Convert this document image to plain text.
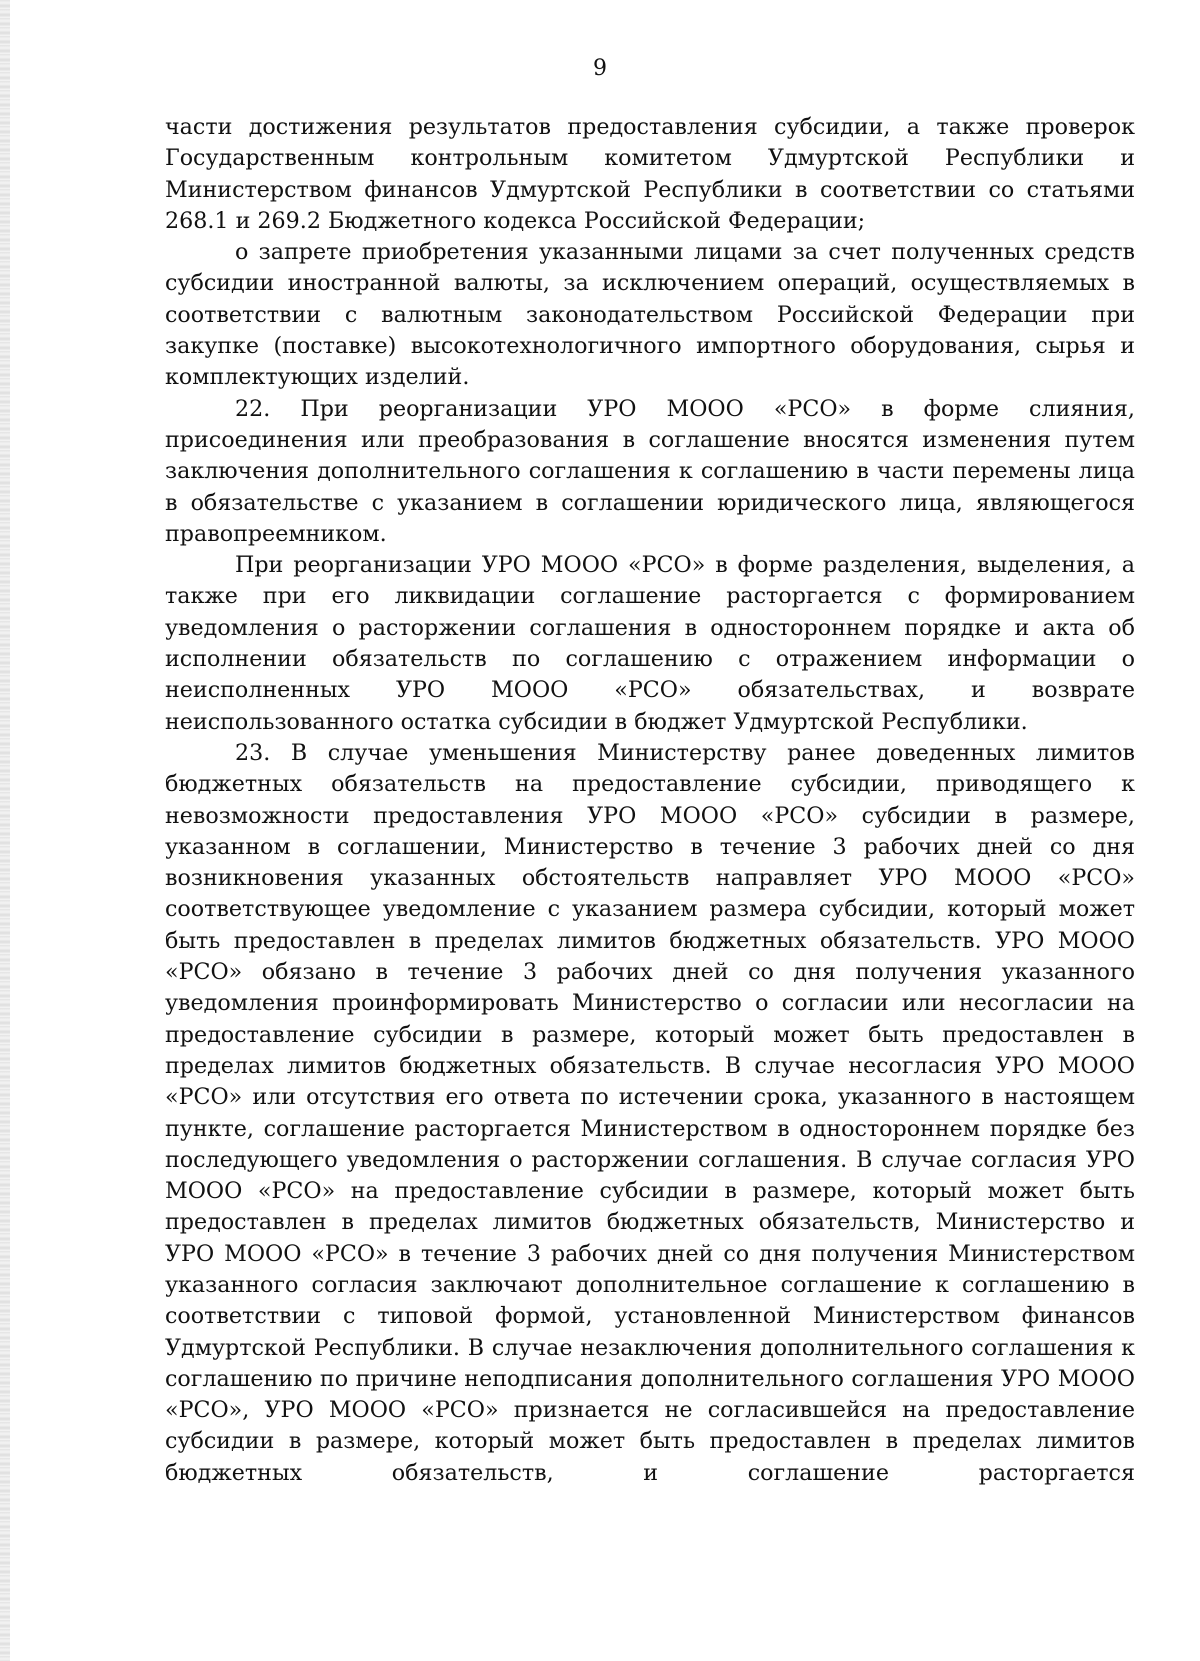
9

части достижения результатов предоставления субсидии, а также проверок Государственным контрольным комитетом Удмуртской Республики и Министерством финансов Удмуртской Республики в соответствии со статьями 268.1 и 269.2 Бюджетного кодекса Российской Федерации;

о запрете приобретения указанными лицами за счет полученных средств субсидии иностранной валюты, за исключением операций, осуществляемых в соответствии с валютным законодательством Российской Федерации при закупке (поставке) высокотехнологичного импортного оборудования, сырья и комплектующих изделий.

22. При реорганизации УРО МООО «РСО» в форме слияния, присоединения или преобразования в соглашение вносятся изменения путем заключения дополнительного соглашения к соглашению в части перемены лица в обязательстве с указанием в соглашении юридического лица, являющегося правопреемником.

При реорганизации УРО МООО «РСО» в форме разделения, выделения, а также при его ликвидации соглашение расторгается с формированием уведомления о расторжении соглашения в одностороннем порядке и акта об исполнении обязательств по соглашению с отражением информации о неисполненных УРО МООО «РСО» обязательствах, и возврате неиспользованного остатка субсидии в бюджет Удмуртской Республики.

23. В случае уменьшения Министерству ранее доведенных лимитов бюджетных обязательств на предоставление субсидии, приводящего к невозможности предоставления УРО МООО «РСО» субсидии в размере, указанном в соглашении, Министерство в течение 3 рабочих дней со дня возникновения указанных обстоятельств направляет УРО МООО «РСО» соответствующее уведомление с указанием размера субсидии, который может быть предоставлен в пределах лимитов бюджетных обязательств. УРО МООО «РСО» обязано в течение 3 рабочих дней со дня получения указанного уведомления проинформировать Министерство о согласии или несогласии на предоставление субсидии в размере, который может быть предоставлен в пределах лимитов бюджетных обязательств. В случае несогласия УРО МООО «РСО» или отсутствия его ответа по истечении срока, указанного в настоящем пункте, соглашение расторгается Министерством в одностороннем порядке без последующего уведомления о расторжении соглашения. В случае согласия УРО МООО «РСО» на предоставление субсидии в размере, который может быть предоставлен в пределах лимитов бюджетных обязательств, Министерство и УРО МООО «РСО» в течение 3 рабочих дней со дня получения Министерством указанного согласия заключают дополнительное соглашение к соглашению в соответствии с типовой формой, установленной Министерством финансов Удмуртской Республики. В случае незаключения дополнительного соглашения к соглашению по причине неподписания дополнительного соглашения УРО МООО «РСО», УРО МООО «РСО» признается не согласившейся на предоставление субсидии в размере, который может быть предоставлен в пределах лимитов бюджетных обязательств, и соглашение расторгается
